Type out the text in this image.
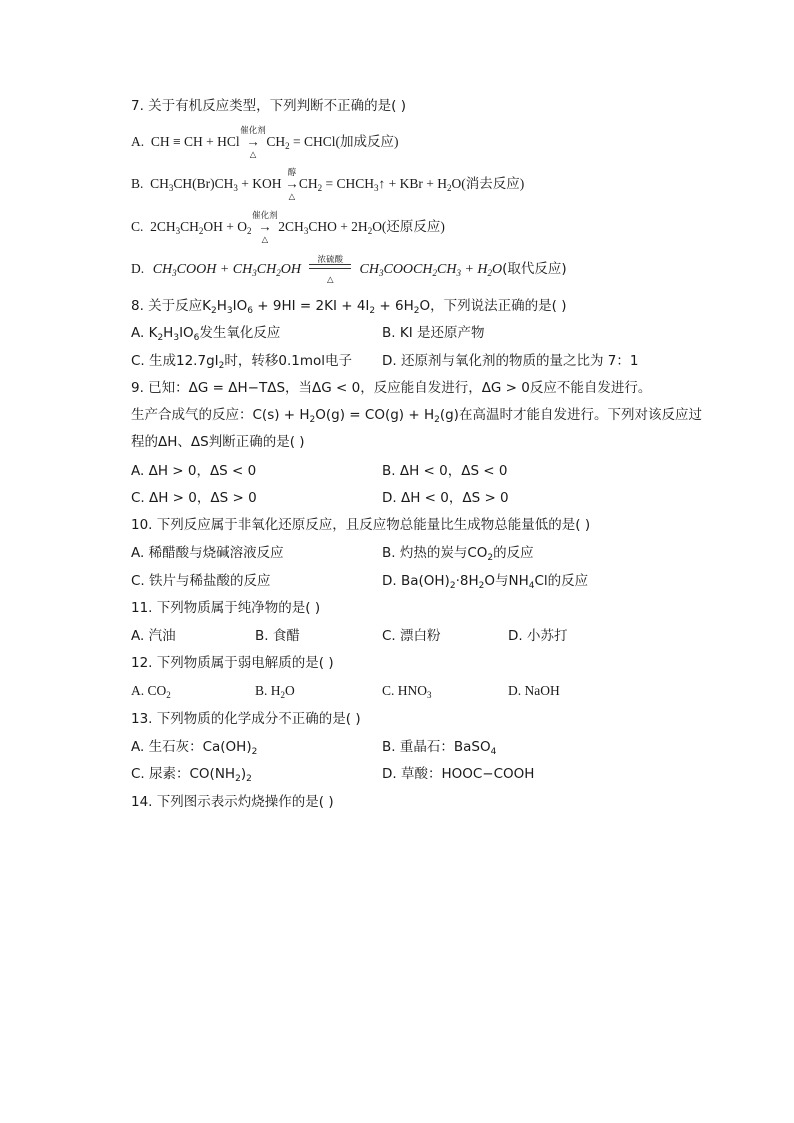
7. 关于有机反应类型，下列判断不正确的是( )
A. CH ≡ CH + HCl
催化剂
→
△
$CH_2$ = CHCl(加成反应)
B. $CH_3CH(Br)CH_3$ + KOH
醇
→
△
$CH_2$ = $CHCH_3↑$ + KBr + $H_2O$(消去反应)
C. $2CH_3CH_2OH + O_2$
催化剂
→
△
$2CH_3CHO + 2H_2O$(还原反应)
D. $CH_3COOH + CH_3CH_2OH$
浓硫酸
△
$CH_3COOCH_2CH_3 + H_2O$(取代反应)
8. 关于反应$K_2H_3IO_6 + 9HI = 2KI + 4I_2 + 6H_2O$，下列说法正确的是( )
A. $K_2H_3IO_6$发生氧化反应	B. KI 是还原产物
C. 生成$12.7gI_2$时，转移0.1mol电子 D. 还原剂与氧化剂的物质的量之比为 7：1
9. 已知：ΔG = ΔH−TΔS，当ΔG < 0，反应能自发进行，ΔG > 0反应不能自发进行。
生产合成气的反应：$C(s) + H_2O(g) = CO(g) + H_2(g)$在高温时才能自发进行。下列对该反应过
程的ΔH、ΔS判断正确的是( )
A. ΔH > 0，ΔS < 0	B. ΔH < 0，ΔS < 0
C. ΔH > 0，ΔS > 0	D. ΔH < 0，ΔS > 0
10. 下列反应属于非氧化还原反应，且反应物总能量比生成物总能量低的是( )
A. 稀醋酸与烧碱溶液反应	B. 灼热的炭与$CO_2$的反应
C. 铁片与稀盐酸的反应	D. $Ba(OH)_2\cdot 8H_2O$与$NH_4Cl$的反应
11. 下列物质属于纯净物的是( )
A. 汽油	B. 食醋	C. 漂白粉	D. 小苏打
12. 下列物质属于弱电解质的是( )
A. $CO_2$	B. $H_2O$	C. $HNO_3$	D. NaOH
13. 下列物质的化学成分不正确的是( )
A. 生石灰：$Ca(OH)_2$	B. 重晶石：BaSO$_4$
C. 尿素：$CO(NH_2)_2$	D. 草酸：HOOC−COOH
14. 下列图示表示灼烧操作的是( )
